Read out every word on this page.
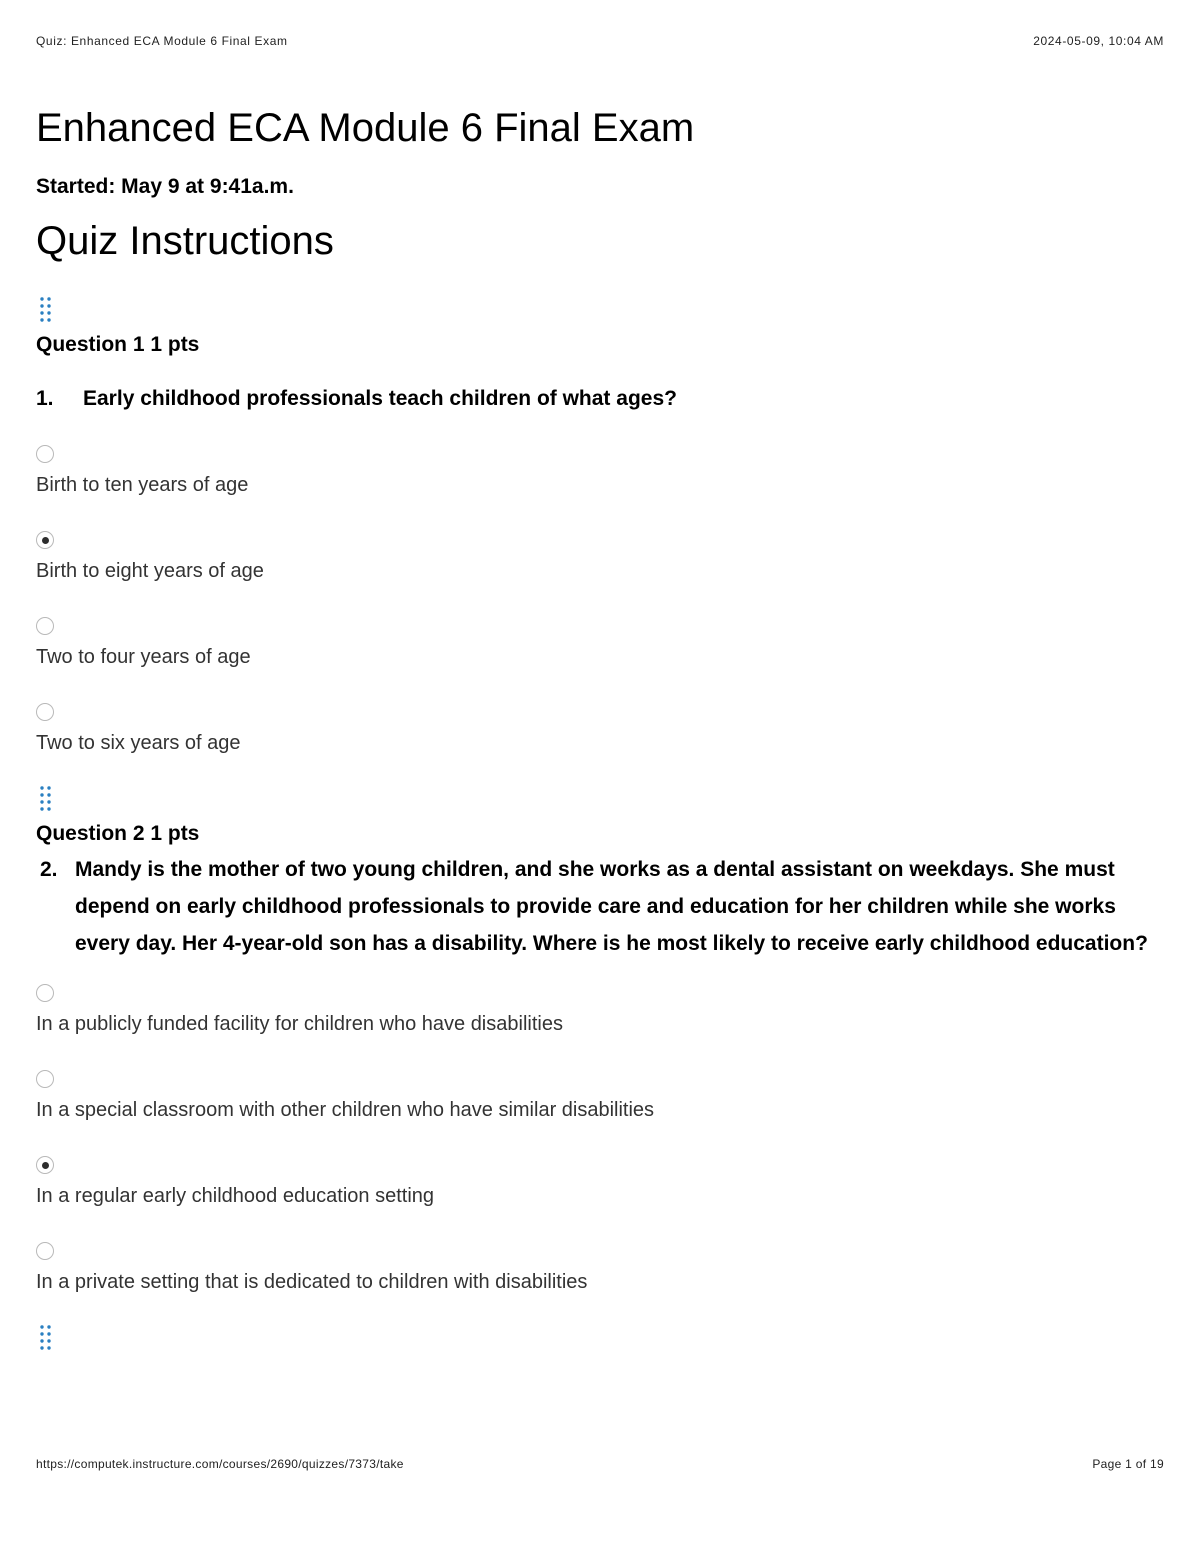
Quiz: Enhanced ECA Module 6 Final Exam	2024-05-09, 10:04 AM
Enhanced ECA Module 6 Final Exam
Started: May 9 at 9:41a.m.
Quiz Instructions
Question 1 1 pts
1.	Early childhood professionals teach children of what ages?
Birth to ten years of age
Birth to eight years of age
Two to four years of age
Two to six years of age
Question 2 1 pts
2. Mandy is the mother of two young children, and she works as a dental assistant on weekdays. She must depend on early childhood professionals to provide care and education for her children while she works every day. Her 4-year-old son has a disability. Where is he most likely to receive early childhood education?
In a publicly funded facility for children who have disabilities
In a special classroom with other children who have similar disabilities
In a regular early childhood education setting
In a private setting that is dedicated to children with disabilities
https://computek.instructure.com/courses/2690/quizzes/7373/take	Page 1 of 19
